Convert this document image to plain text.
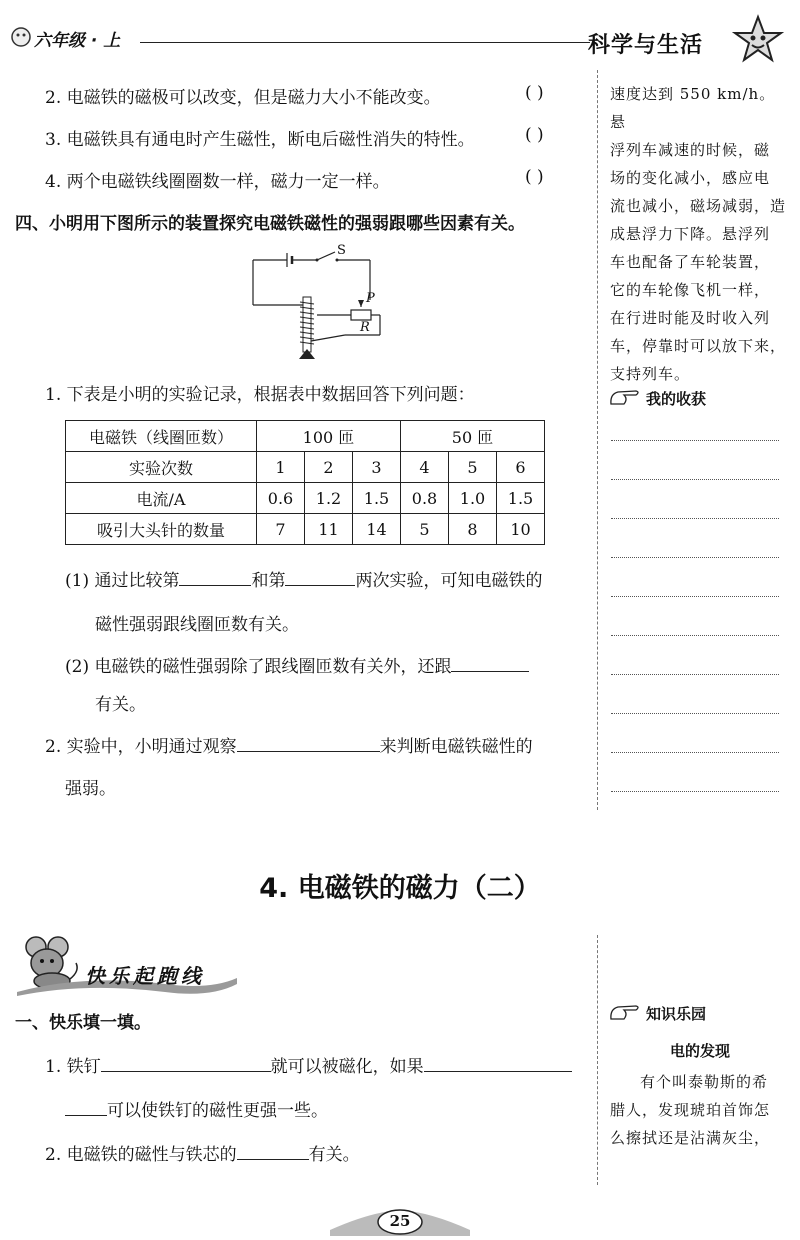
六年级 · 上	科学与生活
2. 电磁铁的磁极可以改变，但是磁力大小不能改变。	( )
3. 电磁铁具有通电时产生磁性，断电后磁性消失的特性。	( )
4. 两个电磁铁线圈圈数一样，磁力一定一样。	( )
四、小明用下图所示的装置探究电磁铁磁性的强弱跟哪些因素有关。
S
P
R
1. 下表是小明的实验记录，根据表中数据回答下列问题：
电磁铁（线圈匝数）	100 匝			50 匝		
实验次数	1	2	3	4	5	6
电流/A	0.6	1.2	1.5	0.8	1.0	1.5
吸引大头针的数量	7	11	14	5	8	10
(1) 通过比较第	和第	两次实验，可知电磁铁的
磁性强弱跟线圈匝数有关。
(2) 电磁铁的磁性强弱除了跟线圈匝数有关外，还跟
有关。
2. 实验中，小明通过观察	来判断电磁铁磁性的
强弱。
速度达到 550 km/h。悬
浮列车减速的时候，磁
场的变化减小，感应电
流也减小，磁场减弱，造
成悬浮力下降。悬浮列
车也配备了车轮装置，
它的车轮像飞机一样，
在行进时能及时收入列
车，停靠时可以放下来，
支持列车。
我的收获
4. 电磁铁的磁力（二）
快乐起跑线
一、快乐填一填。
1. 铁钉	就可以被磁化，如果
可以使铁钉的磁性更强一些。
2. 电磁铁的磁性与铁芯的	有关。
知识乐园
电的发现
有个叫泰勒斯的希
腊人，发现琥珀首饰怎
么擦拭还是沾满灰尘，
25
